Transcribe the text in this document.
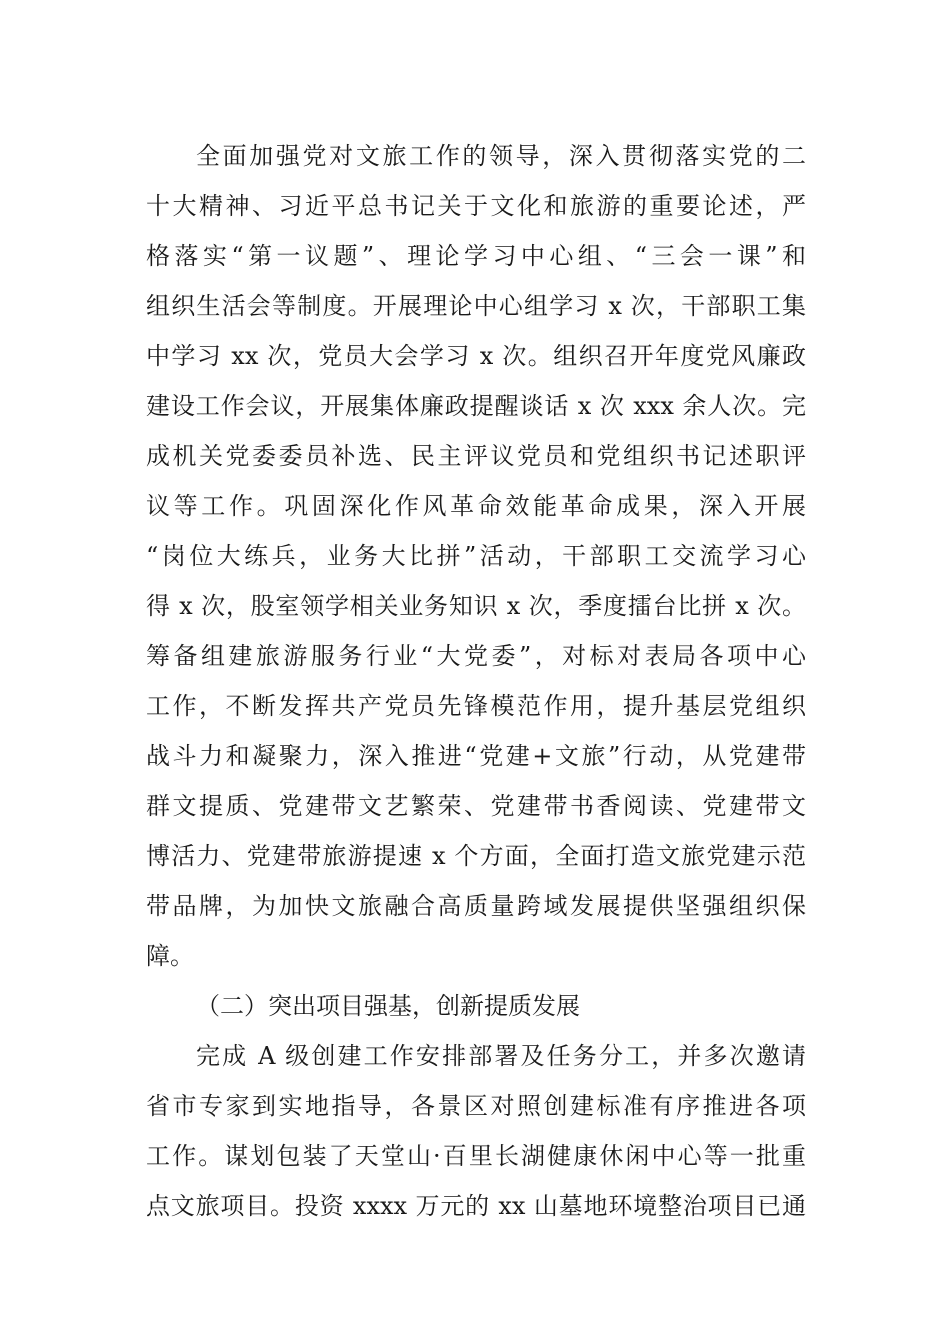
全面加强党对文旅工作的领导，深入贯彻落实党的二
十大精神、习近平总书记关于文化和旅游的重要论述，严
格落实“第一议题”、理论学习中心组、“三会一课”和
组织生活会等制度。开展理论中心组学习 x 次，干部职工集
中学习 xx 次，党员大会学习 x 次。组织召开年度党风廉政
建设工作会议，开展集体廉政提醒谈话 x 次 xxx 余人次。完
成机关党委委员补选、民主评议党员和党组织书记述职评
议等工作。巩固深化作风革命效能革命成果，深入开展
“岗位大练兵，业务大比拼”活动，干部职工交流学习心
得 x 次，股室领学相关业务知识 x 次，季度擂台比拼 x 次。
筹备组建旅游服务行业“大党委”，对标对表局各项中心
工作，不断发挥共产党员先锋模范作用，提升基层党组织
战斗力和凝聚力，深入推进“党建+文旅”行动，从党建带
群文提质、党建带文艺繁荣、党建带书香阅读、党建带文
博活力、党建带旅游提速 x 个方面，全面打造文旅党建示范
带品牌，为加快文旅融合高质量跨域发展提供坚强组织保
障。
（二）突出项目强基，创新提质发展
完成 A 级创建工作安排部署及任务分工，并多次邀请
省市专家到实地指导，各景区对照创建标准有序推进各项
工作。谋划包装了天堂山·百里长湖健康休闲中心等一批重
点文旅项目。投资 xxxx 万元的 xx 山墓地环境整治项目已通
